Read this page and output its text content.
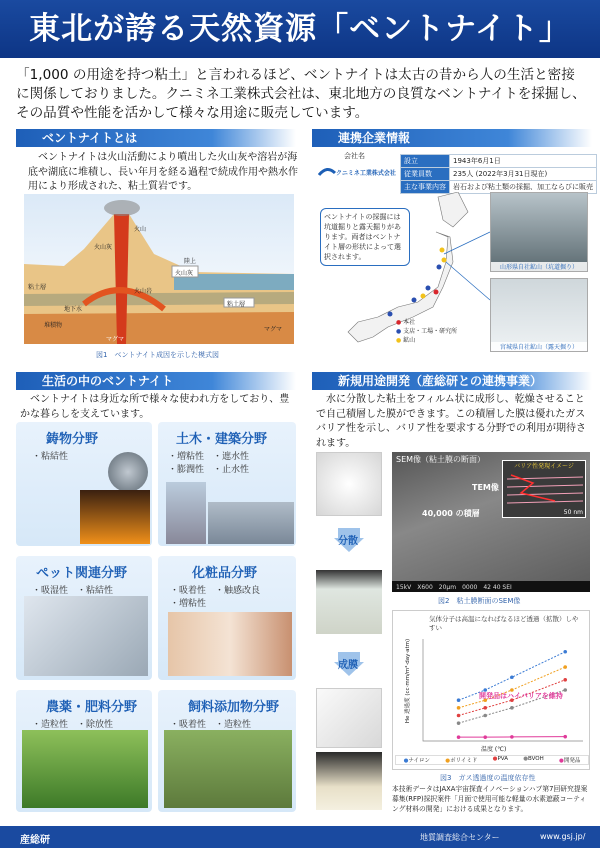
東北が誇る天然資源「ベントナイト」
「1,000 の用途を持つ粘土」と言われるほど、ベントナイトは太古の昔から人の生活と密接に関係しておりました。クニミネ工業株式会社は、東北地方の良質なベントナイトを採掘し、その品質や性能を活かして様々な用途に販売しています。
ベントナイトとは
ベントナイトは火山活動により噴出した火山灰や溶岩が海底や湖底に堆積し、長い年月を経る過程で続成作用や熱水作用により形成された、粘土質岩です。
火山灰
火山
粘土層
地下水
火山岩
堆積物
マグマ
陸上
火山灰
粘土層
マグマ
図1　ベントナイト成因を示した模式図
連携企業情報
会社名
クニミネ工業株式会社
設立	1943年6月1日
従業員数	235人 (2022年3月31日現在)
主な事業内容	岩石および粘土類の採掘、加工ならびに販売
ベントナイトの採掘には坑道掘りと露天掘りがあります。両者はベントナイト層の形状によって選択されます。
● 本社
● 支店・工場・研究所
● 鉱山
山形県自社鉱山（坑道掘り）
宮城県自社鉱山（露天掘り）
生活の中のベントナイト
ベントナイトは身近な所で様々な使われ方をしており、豊かな暮らしを支えています。
鋳物分野
・粘結性
土木・建築分野
・増粘性　・遮水性
・膨潤性　・止水性
ペット関連分野
・吸湿性　・粘結性
化粧品分野
・吸着性　・触感改良
・増粘性
農薬・肥料分野
・造粒性　・除放性
飼料添加物分野
・吸着性　・造粒性
新規用途開発（産総研との連携事業）
水に分散した粘土をフィルム状に成形し、乾燥させることで自己積層した膜ができます。この積層した膜は優れたガスバリア性を示し、バリア性を要求する分野での利用が期待されます。
分散
成膜
SEM像（粘土膜の断面）
バリア性発現イメージ
50 nm
TEM像
40,000 の積層
15kV　X600　20μm　0000　42 40 SEI
図2　粘土膜断面のSEM像
気体分子は高温になればなるほど透過（拡散）しやすい
開発品はハイバリアを維持
He 透過度 (cc·mm/m²·day·atm)
温度 (℃)
●ナイロン	●ポリイミド	●PVA	●BVOH	●開発品
図3　ガス透過度の温度依存性
本技術データはJAXA宇宙探査イノベーションハブ第7回研究提案募集(RFP)採択案件「月面で使用可能な軽量の水素遮蔽コーティング材料の開発」における成果となります。
産総研	地質調査総合センター	www.gsj.jp/
